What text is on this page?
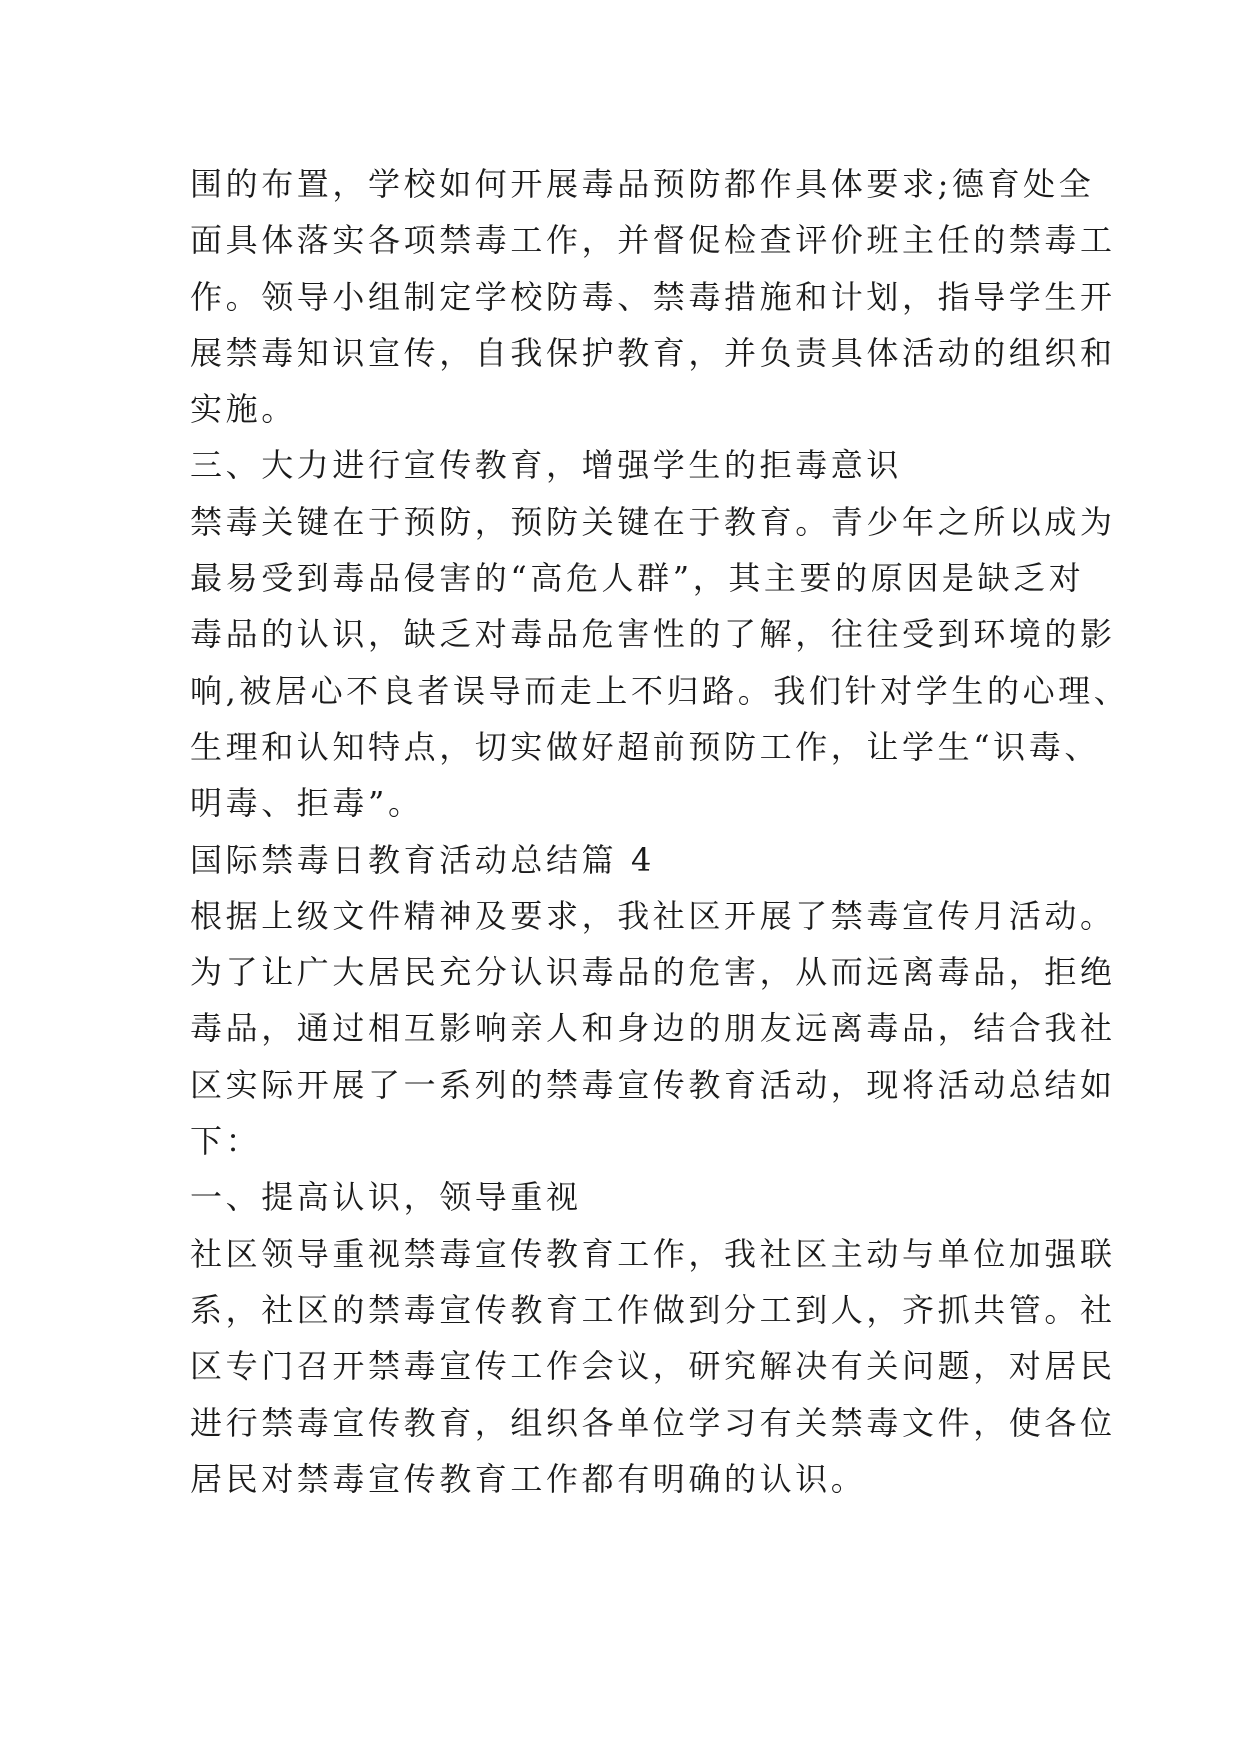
围的布置，学校如何开展毒品预防都作具体要求;德育处全
面具体落实各项禁毒工作，并督促检查评价班主任的禁毒工
作。领导小组制定学校防毒、禁毒措施和计划，指导学生开
展禁毒知识宣传，自我保护教育，并负责具体活动的组织和
实施。

三、大力进行宣传教育，增强学生的拒毒意识

禁毒关键在于预防，预防关键在于教育。青少年之所以成为
最易受到毒品侵害的“高危人群”，其主要的原因是缺乏对
毒品的认识，缺乏对毒品危害性的了解，往往受到环境的影
响,被居心不良者误导而走上不归路。我们针对学生的心理、
生理和认知特点，切实做好超前预防工作，让学生“识毒、
明毒、拒毒”。

国际禁毒日教育活动总结篇 4

根据上级文件精神及要求，我社区开展了禁毒宣传月活动。
为了让广大居民充分认识毒品的危害，从而远离毒品，拒绝
毒品，通过相互影响亲人和身边的朋友远离毒品，结合我社
区实际开展了一系列的禁毒宣传教育活动，现将活动总结如
下：

一、提高认识，领导重视

社区领导重视禁毒宣传教育工作，我社区主动与单位加强联
系，社区的禁毒宣传教育工作做到分工到人，齐抓共管。社
区专门召开禁毒宣传工作会议，研究解决有关问题，对居民
进行禁毒宣传教育，组织各单位学习有关禁毒文件，使各位
居民对禁毒宣传教育工作都有明确的认识。
